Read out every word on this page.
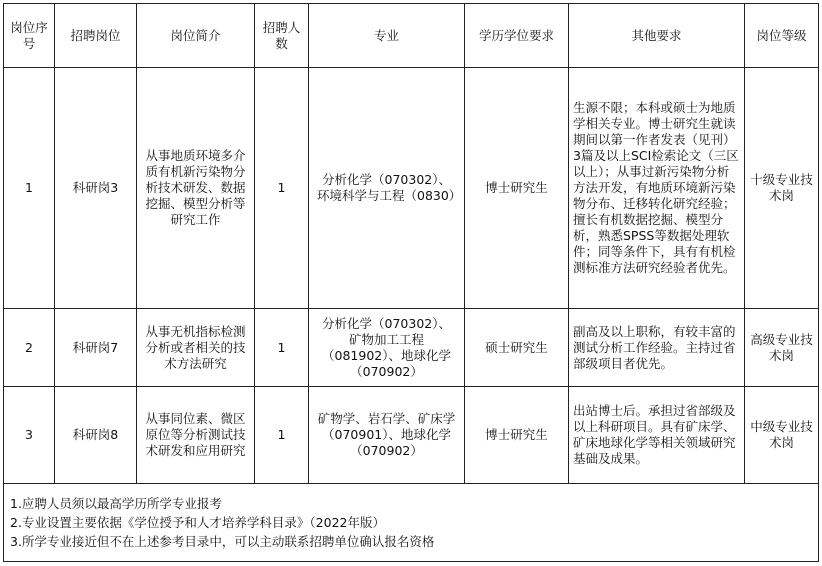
岗位序号	招聘岗位	岗位简介	招聘人数	专业	学历学位要求	其他要求	岗位等级
1	科研岗3	从事地质环境多介质有机新污染物分析技术研发、数据挖掘、模型分析等研究工作	1	分析化学（070302）、环境科学与工程（0830）	博士研究生	生源不限；本科或硕士为地质学相关专业。博士研究生就读期间以第一作者发表（见刊）3篇及以上SCI检索论文（三区以上）；从事过新污染物分析方法开发，有地质环境新污染物分布、迁移转化研究经验；擅长有机数据挖掘、模型分析，熟悉SPSS等数据处理软件；同等条件下，具有有机检测标准方法研究经验者优先。	十级专业技术岗
2	科研岗7	从事无机指标检测分析或者相关的技术方法研究	1	分析化学（070302）、矿物加工工程（081902）、地球化学（070902）	硕士研究生	副高及以上职称，有较丰富的测试分析工作经验。主持过省部级项目者优先。	高级专业技术岗
3	科研岗8	从事同位素、微区原位等分析测试技术研发和应用研究	1	矿物学、岩石学、矿床学（070901）、地球化学（070902）	博士研究生	出站博士后。承担过省部级及以上科研项目。具有矿床学、矿床地球化学等相关领域研究基础及成果。	中级专业技术岗

1.应聘人员须以最高学历所学专业报考
2.专业设置主要依据《学位授予和人才培养学科目录》（2022年版）
3.所学专业接近但不在上述参考目录中，可以主动联系招聘单位确认报名资格							
